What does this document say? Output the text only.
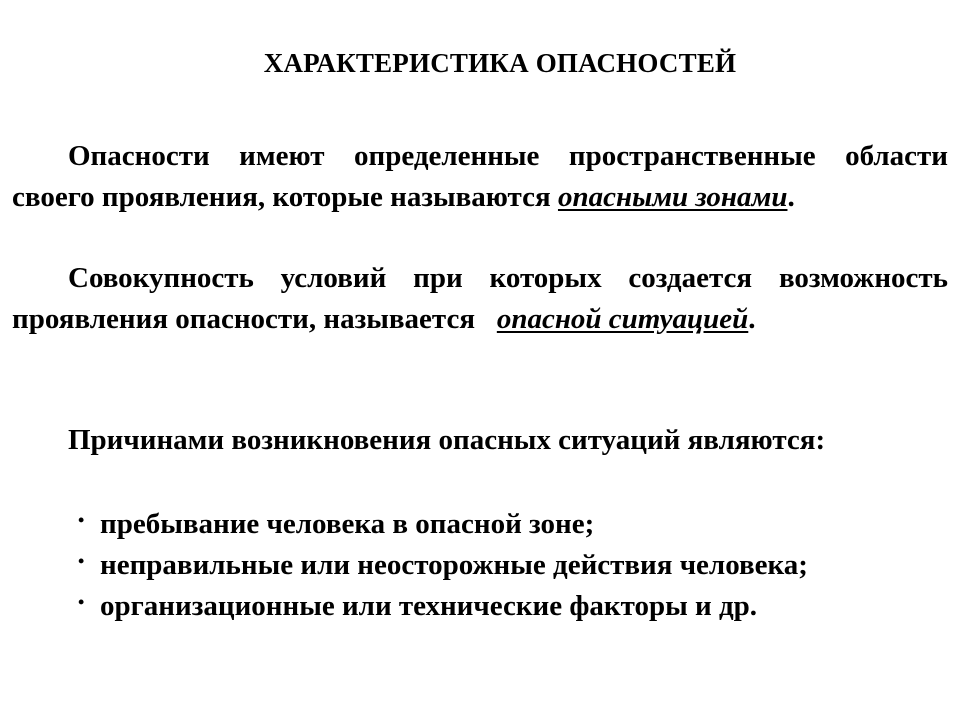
ХАРАКТЕРИСТИКА ОПАСНОСТЕЙ
Опасности имеют определенные пространственные области своего проявления, которые называются опасными зонами.
Совокупность условий при которых создается возможность проявления опасности, называется опасной ситуацией.
Причинами возникновения опасных ситуаций являются:
• пребывание человека в опасной зоне;
• неправильные или неосторожные действия человека;
• организационные или технические факторы и др.
